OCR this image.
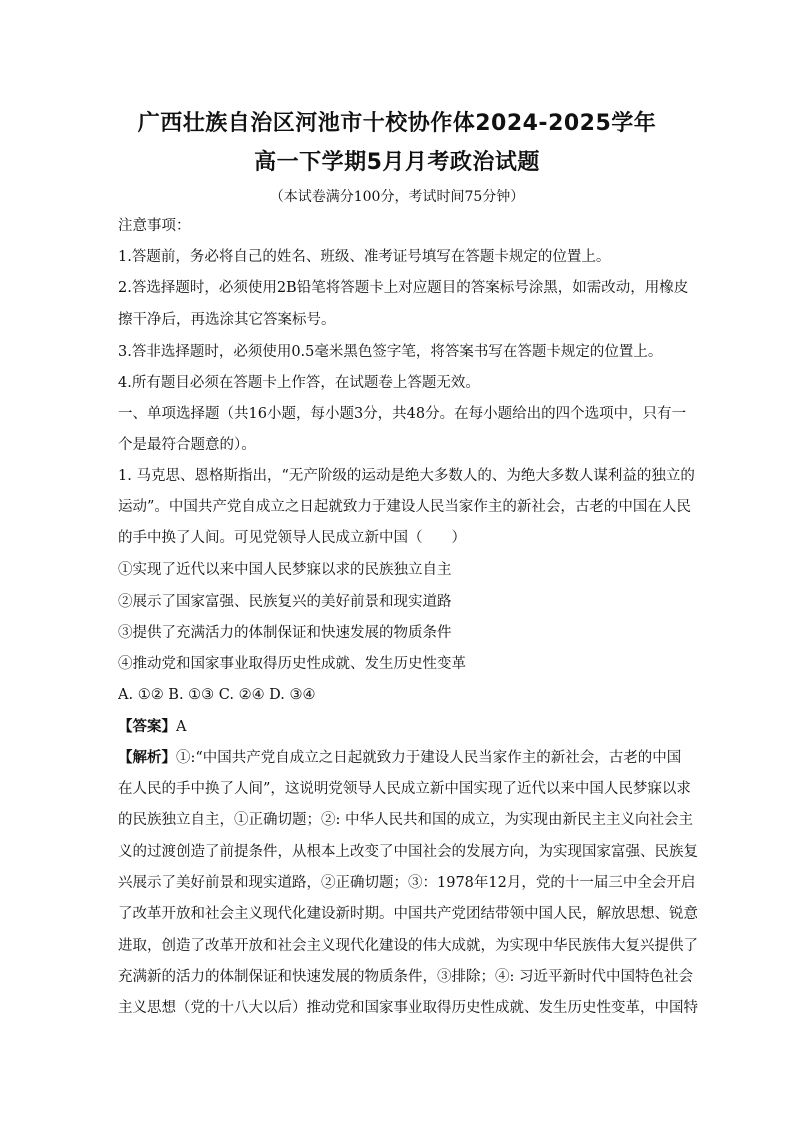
广西壮族自治区河池市十校协作体2024-2025学年
高一下学期5月月考政治试题
（本试卷满分100分，考试时间75分钟）
注意事项：
1.答题前，务必将自己的姓名、班级、准考证号填写在答题卡规定的位置上。
2.答选择题时，必须使用2B铅笔将答题卡上对应题目的答案标号涂黑，如需改动，用橡皮
擦干净后，再选涂其它答案标号。
3.答非选择题时，必须使用0.5毫米黑色签字笔，将答案书写在答题卡规定的位置上。
4.所有题目必须在答题卡上作答，在试题卷上答题无效。
一、单项选择题（共16小题，每小题3分，共48分。在每小题给出的四个选项中，只有一
个是最符合题意的）。
1. 马克思、恩格斯指出，“无产阶级的运动是绝大多数人的、为绝大多数人谋利益的独立的
运动”。中国共产党自成立之日起就致力于建设人民当家作主的新社会，古老的中国在人民
的手中换了人间。可见党领导人民成立新中国（　　）
①实现了近代以来中国人民梦寐以求的民族独立自主
②展示了国家富强、民族复兴的美好前景和现实道路
③提供了充满活力的体制保证和快速发展的物质条件
④推动党和国家事业取得历史性成就、发生历史性变革
A. ①② B. ①③ C. ②④ D. ③④
【答案】A
【解析】①:“中国共产党自成立之日起就致力于建设人民当家作主的新社会，古老的中国
在人民的手中换了人间”，这说明党领导人民成立新中国实现了近代以来中国人民梦寐以求
的民族独立自主，①正确切题；②: 中华人民共和国的成立，为实现由新民主主义向社会主
义的过渡创造了前提条件，从根本上改变了中国社会的发展方向，为实现国家富强、民族复
兴展示了美好前景和现实道路，②正确切题；③：1978年12月，党的十一届三中全会开启
了改革开放和社会主义现代化建设新时期。中国共产党团结带领中国人民，解放思想、锐意
进取，创造了改革开放和社会主义现代化建设的伟大成就，为实现中华民族伟大复兴提供了
充满新的活力的体制保证和快速发展的物质条件，③排除；④: 习近平新时代中国特色社会
主义思想（党的十八大以后）推动党和国家事业取得历史性成就、发生历史性变革，中国特
